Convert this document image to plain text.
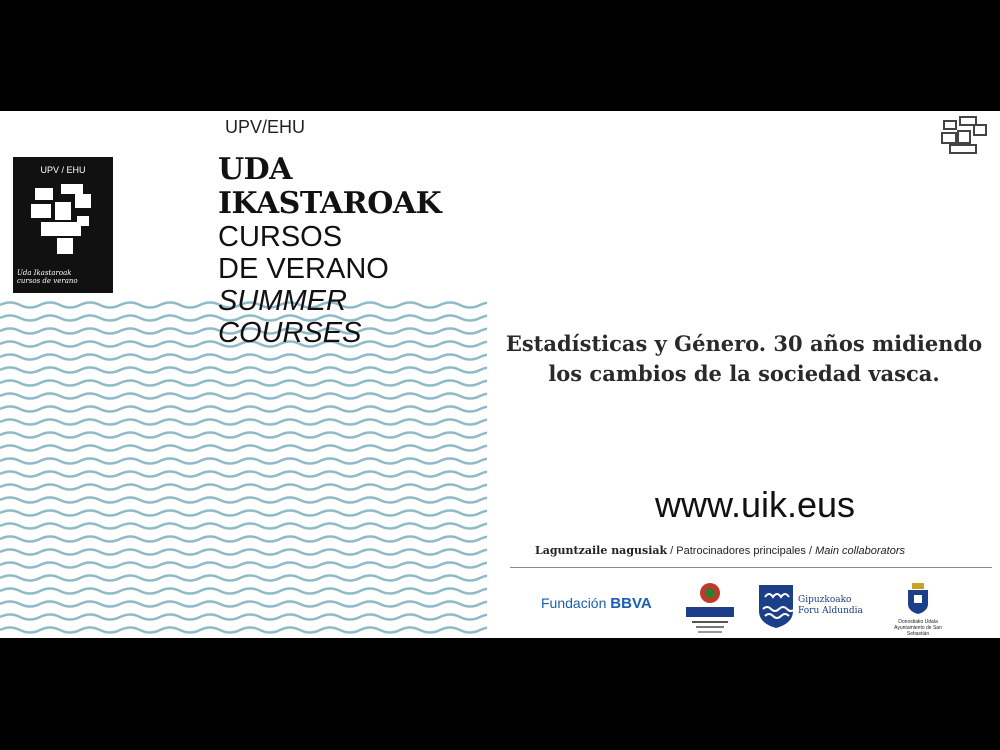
UPV / EHU
Uda Ikastaroak
cursos de verano
UPV/EHU
UDA
IKASTAROAK
CURSOS
DE VERANO
SUMMER
COURSES	Estadísticas y Género. 30 años midiendo
los cambios de la sociedad vasca.
www.uik.eus
Laguntzaile nagusiak / Patrocinadores principales / Main collaborators
Fundación BBVA	Gipuzkoako
Foru Aldundia
Donostiako Udala
Ayuntamiento de San Sebastián
